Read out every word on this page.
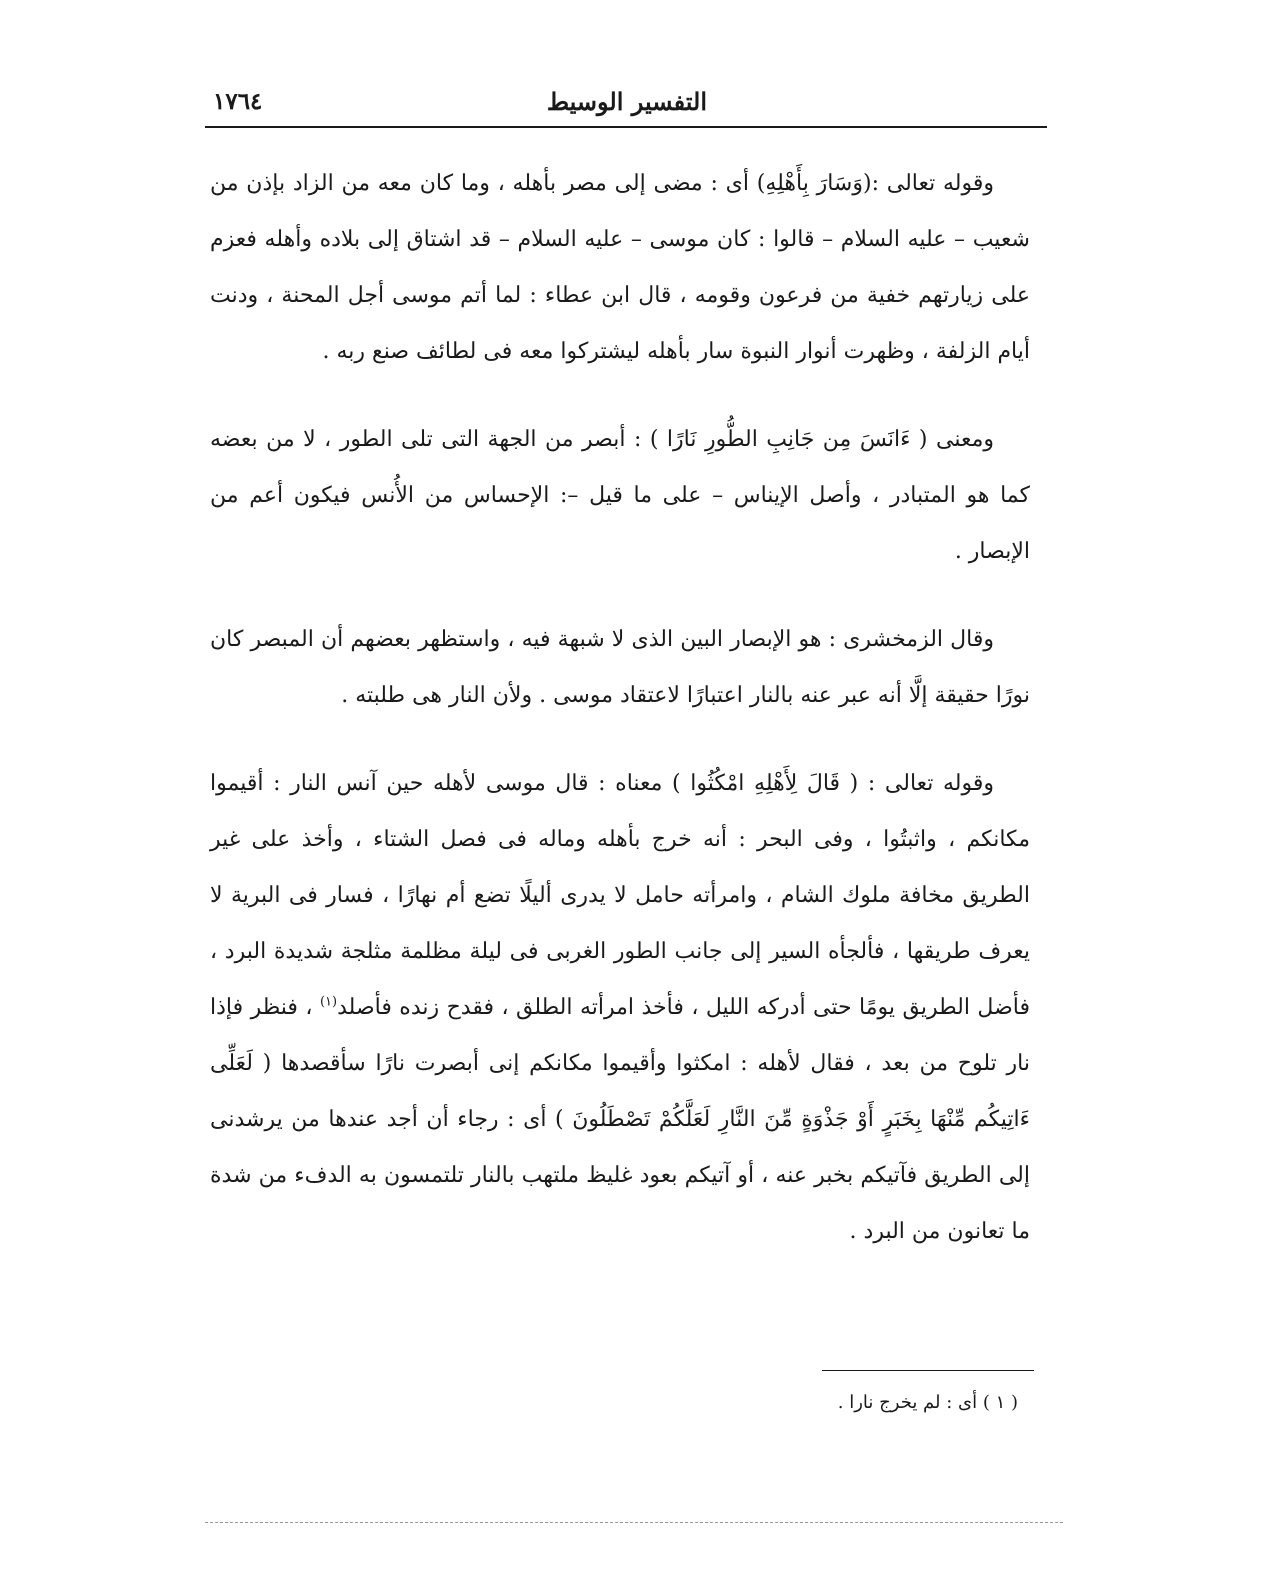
التفسير الوسيط
١٧٦٤

وقوله تعالى :(وَسَارَ بِأَهْلِهِ) أى : مضى إلى مصر بأهله ، وما كان معه من الزاد بإذن من شعيب – عليه السلام – قالوا : كان موسى – عليه السلام – قد اشتاق إلى بلاده وأهله فعزم على زيارتهم خفية من فرعون وقومه ، قال ابن عطاء : لما أتم موسى أجل المحنة ، ودنت أيام الزلفة ، وظهرت أنوار النبوة سار بأهله ليشتركوا معه فى لطائف صنع ربه .

ومعنى ( ءَانَسَ مِن جَانِبِ الطُّورِ نَارًا ) : أبصر من الجهة التى تلى الطور ، لا من بعضه كما هو المتبادر ، وأصل الإيناس – على ما قيل –: الإحساس من الأُنس فيكون أعم من الإبصار .

وقال الزمخشرى : هو الإبصار البين الذى لا شبهة فيه ، واستظهر بعضهم أن المبصر كان نورًا حقيقة إلَّا أنه عبر عنه بالنار اعتبارًا لاعتقاد موسى . ولأن النار هى طلبته .

وقوله تعالى : ( قَالَ لِأَهْلِهِ امْكُثُوا ) معناه : قال موسى لأهله حين آنس النار : أقيموا مكانكم ، واثبتُوا ، وفى البحر : أنه خرج بأهله وماله فى فصل الشتاء ، وأخذ على غير الطريق مخافة ملوك الشام ، وامرأته حامل لا يدرى أليلًا تضع أم نهارًا ، فسار فى البرية لا يعرف طريقها ، فألجأه السير إلى جانب الطور الغربى فى ليلة مظلمة مثلجة شديدة البرد ، فأضل الطريق يومًا حتى أدركه الليل ، فأخذ امرأته الطلق ، فقدح زنده فأصلد$^{(١)}$ ، فنظر فإذا نار تلوح من بعد ، فقال لأهله : امكثوا وأقيموا مكانكم إنى أبصرت نارًا سأقصدها ( لَعَلِّى ءَاتِيكُم مِّنْهَا بِخَبَرٍ أَوْ جَذْوَةٍ مِّنَ النَّارِ لَعَلَّكُمْ تَصْطَلُونَ ) أى : رجاء أن أجد عندها من يرشدنى إلى الطريق فآتيكم بخبر عنه ، أو آتيكم بعود غليظ ملتهب بالنار تلتمسون به الدفء من شدة ما تعانون من البرد .

( ١ ) أى : لم يخرج نارا .
